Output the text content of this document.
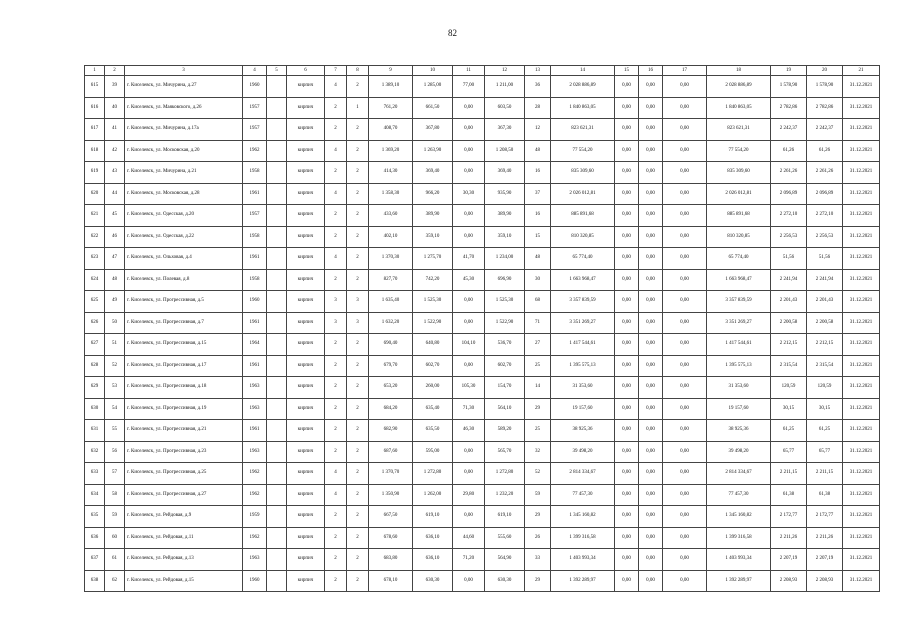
82
1	2	3	4	5	6	7	8	9	10	11	12	13	14	15	16	17	18	19	20	21
615	39	г. Киселевск, ул. Мичурина, д.27	1960		кирпич	4	2	1 389,10	1 285,00	77,00	1 211,00	36	2 028 886,89	0,00	0,00	0,00	2 028 886,89	1 578,90	1 578,90	31.12.2021
616	40	г. Киселевск, ул. Маяковского, д.26	1957		кирпич	2	1	761,20	661,50	0,00	603,50	28	1 840 863,05	0,00	0,00	0,00	1 840 863,05	2 782,86	2 782,86	31.12.2021
617	41	г. Киселевск, ул. Мичурина, д.17а	1957		кирпич	2	2	408,70	367,80	0,00	367,30	12	823 621,31	0,00	0,00	0,00	823 621,31	2 242,37	2 242,37	31.12.2021
618	42	г. Киселевск, ул. Московская, д.20	1962		кирпич	4	2	1 369,20	1 263,90	0,00	1 208,50	48	77 554,20	0,00	0,00	0,00	77 554,20	61,26	61,26	31.12.2021
619	43	г. Киселевск, ул. Мичурина, д.21	1958		кирпич	2	2	414,30	369,40	0,00	369,40	16	835 309,60	0,00	0,00	0,00	835 309,60	2 261,26	2 261,26	31.12.2021
620	44	г. Киселевск, ул. Московская, д.28	1961		кирпич	4	2	1 358,30	966,20	30,30	935,90	37	2 026 012,81	0,00	0,00	0,00	2 026 012,81	2 096,89	2 096,89	31.12.2021
621	45	г. Киселевск, ул. Одесская, д.20	1957		кирпич	2	2	433,60	389,90	0,00	389,90	16	885 891,68	0,00	0,00	0,00	885 891,68	2 272,10	2 272,10	31.12.2021
622	46	г. Киселевск, ул. Одесская, д.22	1958		кирпич	2	2	402,10	359,10	0,00	359,10	15	810 320,85	0,00	0,00	0,00	810 320,85	2 256,53	2 256,53	31.12.2021
623	47	г. Киселевск, ул. Ольховая, д.4	1961		кирпич	4	2	1 370,30	1 275,70	41,70	1 234,00	48	65 774,40	0,00	0,00	0,00	65 774,40	51,56	51,56	31.12.2021
624	48	г. Киселевск, ул. Полевая, д.8	1958		кирпич	2	2	827,70	742,20	45,30	696,90	30	1 663 968,47	0,00	0,00	0,00	1 663 968,47	2 241,94	2 241,94	31.12.2021
625	49	г. Киселевск, ул. Прогрессивная, д.5	1960		кирпич	3	3	1 635,40	1 525,30	0,00	1 525,30	68	3 357 839,59	0,00	0,00	0,00	3 357 839,59	2 201,43	2 201,43	31.12.2021
626	50	г. Киселевск, ул. Прогрессивная, д.7	1961		кирпич	3	3	1 632,20	1 522,90	0,00	1 522,90	71	3 351 269,27	0,00	0,00	0,00	3 351 269,27	2 200,58	2 200,58	31.12.2021
627	51	г. Киселевск, ул. Прогрессивная, д.15	1964		кирпич	2	2	690,40	640,80	104,10	536,70	27	1 417 544,61	0,00	0,00	0,00	1 417 544,61	2 212,15	2 212,15	31.12.2021
628	52	г. Киселевск, ул. Прогрессивная, д.17	1961		кирпич	2	2	679,70	602,70	0,00	602,70	25	1 395 575,13	0,00	0,00	0,00	1 395 575,13	2 315,54	2 315,54	31.12.2021
629	53	г. Киселевск, ул. Прогрессивная, д.18	1963		кирпич	2	2	653,20	260,00	105,30	154,70	14	31 353,60	0,00	0,00	0,00	31 353,60	120,59	120,59	31.12.2021
630	54	г. Киселевск, ул. Прогрессивная, д.19	1963		кирпич	2	2	684,20	635,40	71,30	564,10	29	19 157,60	0,00	0,00	0,00	19 157,60	30,15	30,15	31.12.2021
631	55	г. Киселевск, ул. Прогрессивная, д.21	1961		кирпич	2	2	682,90	635,50	46,30	589,20	25	38 925,36	0,00	0,00	0,00	38 925,36	61,25	61,25	31.12.2021
632	56	г. Киселевск, ул. Прогрессивная, д.23	1963		кирпич	2	2	687,60	595,00	0,00	565,70	32	39 498,20	0,00	0,00	0,00	39 498,20	65,77	65,77	31.12.2021
633	57	г. Киселевск, ул. Прогрессивная, д.25	1962		кирпич	4	2	1 370,70	1 272,80	0,00	1 272,80	52	2 814 334,67	0,00	0,00	0,00	2 814 334,67	2 211,15	2 211,15	31.12.2021
634	58	г. Киселевск, ул. Прогрессивная, д.27	1962		кирпич	4	2	1 350,90	1 262,00	29,80	1 232,20	59	77 457,30	0,00	0,00	0,00	77 457,30	61,38	61,38	31.12.2021
635	59	г. Киселевск, ул. Рейдовая, д.9	1959		кирпич	2	2	667,50	619,10	0,00	619,10	29	1 345 160,82	0,00	0,00	0,00	1 345 160,82	2 172,77	2 172,77	31.12.2021
636	60	г. Киселевск, ул. Рейдовая, д.11	1962		кирпич	2	2	678,60	636,10	44,60	555,60	26	1 399 316,58	0,00	0,00	0,00	1 399 316,58	2 211,26	2 211,26	31.12.2021
637	61	г. Киселевск, ул. Рейдовая, д.13	1963		кирпич	2	2	683,80	636,10	71,20	564,90	33	1 403 993,34	0,00	0,00	0,00	1 403 993,34	2 207,19	2 207,19	31.12.2021
638	62	г. Киселевск, ул. Рейдовая, д.15	1960		кирпич	2	2	678,10	630,30	0,00	630,30	29	1 392 289,97	0,00	0,00	0,00	1 392 289,97	2 208,93	2 208,93	31.12.2021
